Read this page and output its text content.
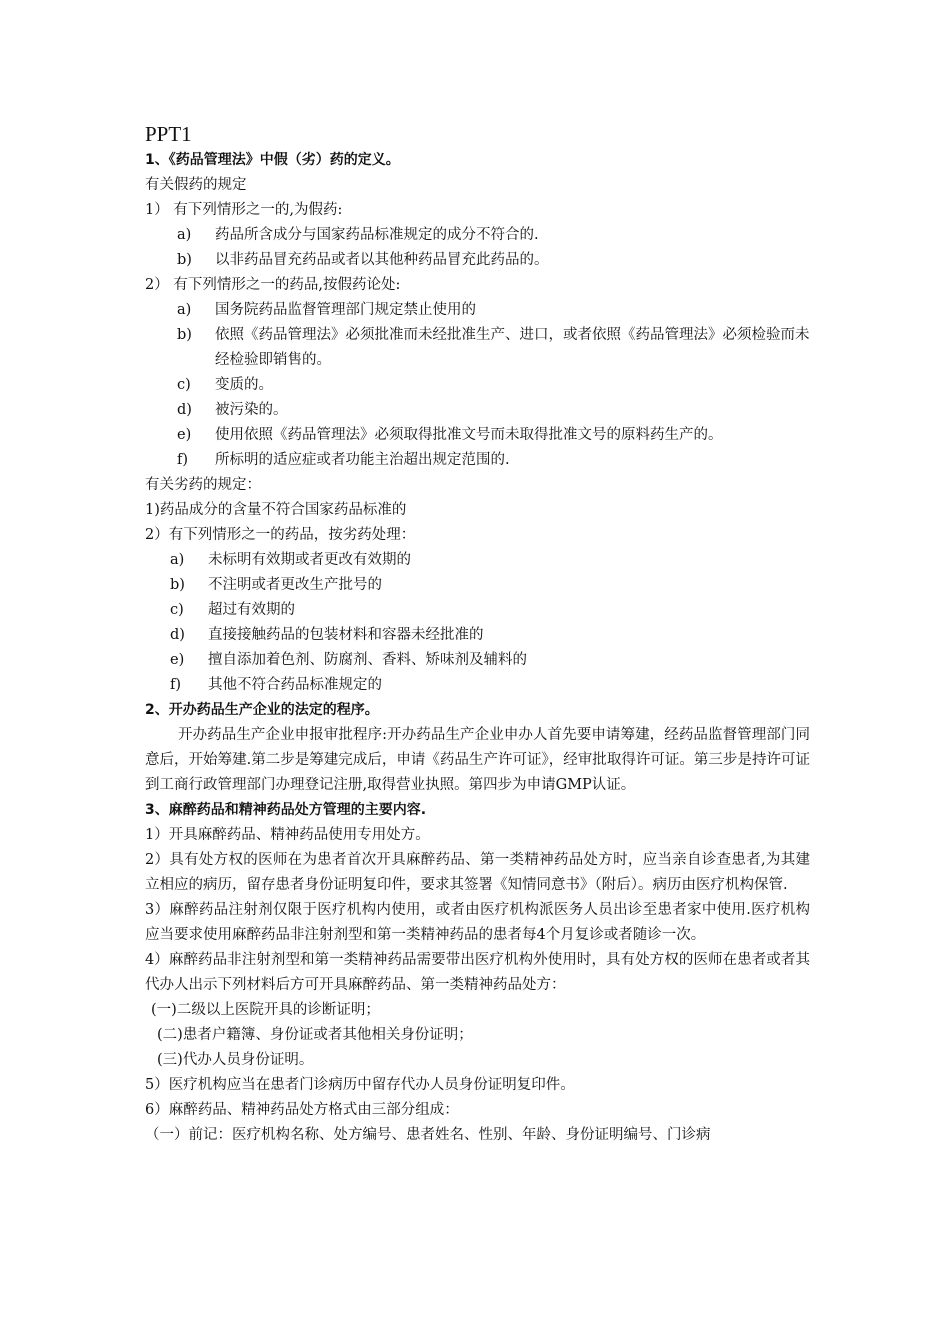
PPT1
1、《药品管理法》中假（劣）药的定义。
有关假药的规定
1） 有下列情形之一的,为假药:
a)	药品所含成分与国家药品标准规定的成分不符合的.
b)	以非药品冒充药品或者以其他种药品冒充此药品的。
2） 有下列情形之一的药品,按假药论处:
a)	国务院药品监督管理部门规定禁止使用的
b)	依照《药品管理法》必须批准而未经批准生产、进口，或者依照《药品管理法》必须检验而未经检验即销售的。
c)	变质的。
d)	被污染的。
e)	使用依照《药品管理法》必须取得批准文号而未取得批准文号的原料药生产的。
f)	所标明的适应症或者功能主治超出规定范围的.
有关劣药的规定：
1)药品成分的含量不符合国家药品标准的
2）有下列情形之一的药品，按劣药处理：
a)	未标明有效期或者更改有效期的
b)	不注明或者更改生产批号的
c)	超过有效期的
d)	直接接触药品的包装材料和容器未经批准的
e)	擅自添加着色剂、防腐剂、香料、矫味剂及辅料的
f)	其他不符合药品标准规定的
2、开办药品生产企业的法定的程序。
开办药品生产企业申报审批程序:开办药品生产企业申办人首先要申请筹建，经药品监督管理部门同意后，开始筹建.第二步是筹建完成后，申请《药品生产许可证》，经审批取得许可证。第三步是持许可证到工商行政管理部门办理登记注册,取得营业执照。第四步为申请GMP认证。
3、麻醉药品和精神药品处方管理的主要内容.
1）开具麻醉药品、精神药品使用专用处方。
2）具有处方权的医师在为患者首次开具麻醉药品、第一类精神药品处方时，应当亲自诊查患者,为其建立相应的病历，留存患者身份证明复印件，要求其签署《知情同意书》（附后）。病历由医疗机构保管.
3）麻醉药品注射剂仅限于医疗机构内使用，或者由医疗机构派医务人员出诊至患者家中使用.医疗机构应当要求使用麻醉药品非注射剂型和第一类精神药品的患者每4个月复诊或者随诊一次。
4）麻醉药品非注射剂型和第一类精神药品需要带出医疗机构外使用时，具有处方权的医师在患者或者其代办人出示下列材料后方可开具麻醉药品、第一类精神药品处方：
(一)二级以上医院开具的诊断证明；
(二)患者户籍簿、身份证或者其他相关身份证明；
(三)代办人员身份证明。
5）医疗机构应当在患者门诊病历中留存代办人员身份证明复印件。
6）麻醉药品、精神药品处方格式由三部分组成：
（一）前记：医疗机构名称、处方编号、患者姓名、性别、年龄、身份证明编号、门诊病
